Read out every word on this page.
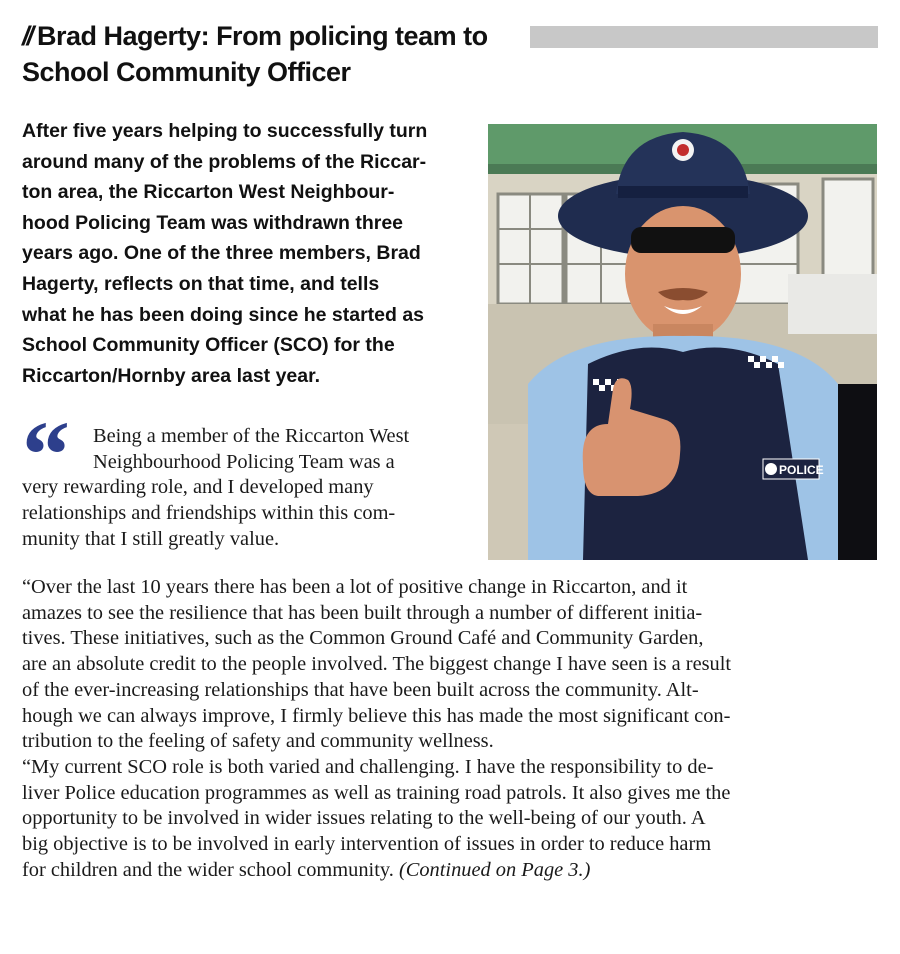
// Brad Hagerty: From policing team to
School Community Officer

After five years helping to successfully turn
around many of the problems of the Riccar-
ton area, the Riccarton West Neighbour-
hood Policing Team was withdrawn three
years ago. One of the three members, Brad
Hagerty, reflects on that time, and tells
what he has been doing since he started as
School Community Officer (SCO) for the
Riccarton/Hornby area last year.

POLICE
“	Being a member of the Riccarton West
Neighbourhood Policing Team was a
very rewarding role, and I developed many
relationships and friendships within this com-
munity that I still greatly value.

“Over the last 10 years there has been a lot of positive change in Riccarton, and it
amazes to see the resilience that has been built through a number of different initia-
tives. These initiatives, such as the Common Ground Café and Community Garden,
are an absolute credit to the people involved. The biggest change I have seen is a result
of the ever-increasing relationships that have been built across the community. Alt-
hough we can always improve, I firmly believe this has made the most significant con-
tribution to the feeling of safety and community wellness.

“My current SCO role is both varied and challenging. I have the responsibility to de-
liver Police education programmes as well as training road patrols. It also gives me the
opportunity to be involved in wider issues relating to the well-being of our youth. A
big objective is to be involved in early intervention of issues in order to reduce harm
for children and the wider school community. (Continued on Page 3.)
